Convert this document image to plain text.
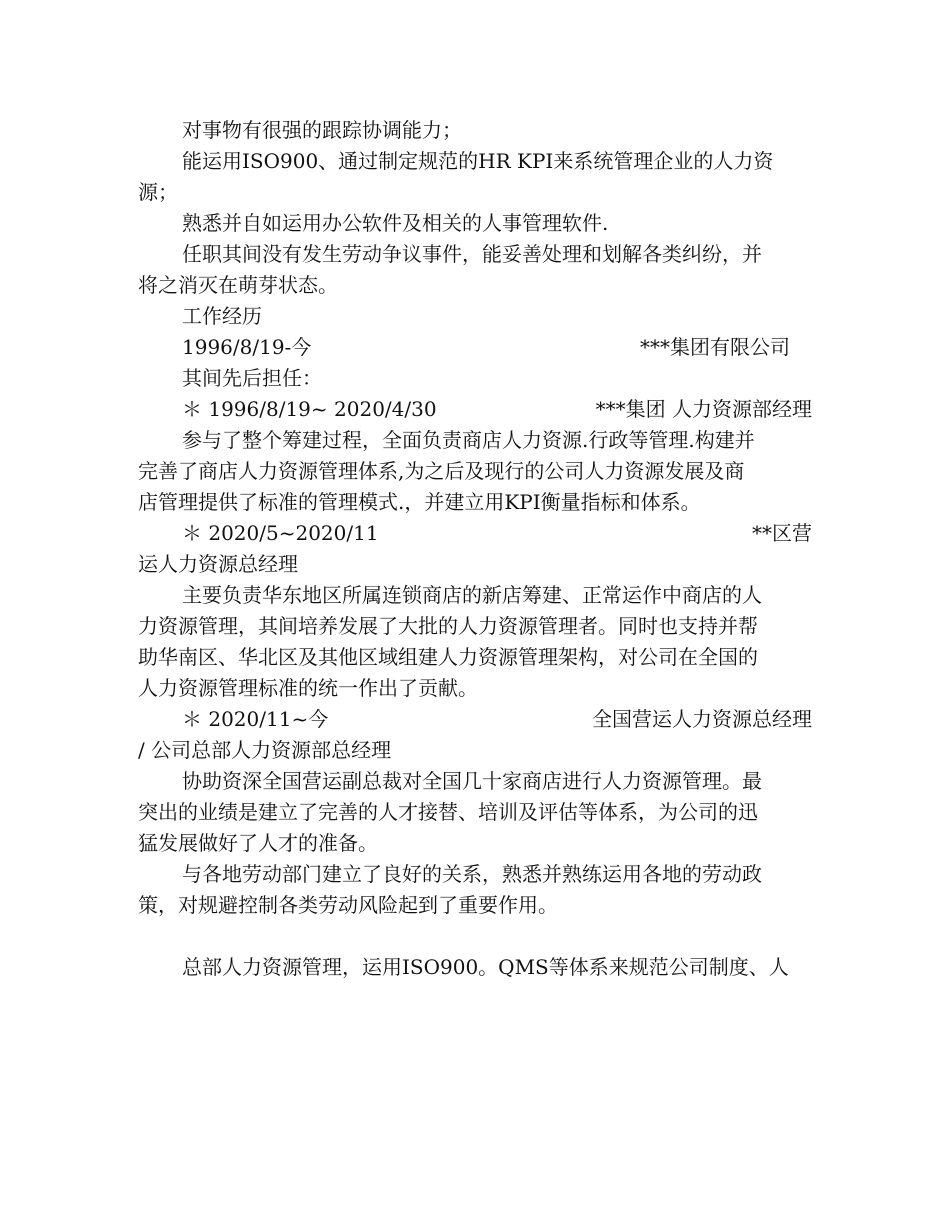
对事物有很强的跟踪协调能力；
能运用ISO900、通过制定规范的HR KPI来系统管理企业的人力资
源；
熟悉并自如运用办公软件及相关的人事管理软件.
任职其间没有发生劳动争议事件，能妥善处理和划解各类纠纷，并
将之消灭在萌芽状态。
工作经历
1996/8/19-今	***集团有限公司
其间先后担任：
＊ 1996/8/19~ 2020/4/30	***集团 人力资源部经理
参与了整个筹建过程，全面负责商店人力资源.行政等管理.构建并
完善了商店人力资源管理体系,为之后及现行的公司人力资源发展及商
店管理提供了标准的管理模式.，并建立用KPI衡量指标和体系。
＊ 2020/5~2020/11	**区营
运人力资源总经理
主要负责华东地区所属连锁商店的新店筹建、正常运作中商店的人
力资源管理，其间培养发展了大批的人力资源管理者。同时也支持并帮
助华南区、华北区及其他区域组建人力资源管理架构，对公司在全国的
人力资源管理标准的统一作出了贡献。
＊ 2020/11~今	全国营运人力资源总经理
/ 公司总部人力资源部总经理
协助资深全国营运副总裁对全国几十家商店进行人力资源管理。最
突出的业绩是建立了完善的人才接替、培训及评估等体系，为公司的迅
猛发展做好了人才的准备。
与各地劳动部门建立了良好的关系，熟悉并熟练运用各地的劳动政
策，对规避控制各类劳动风险起到了重要作用。
总部人力资源管理，运用ISO900。QMS等体系来规范公司制度、人
